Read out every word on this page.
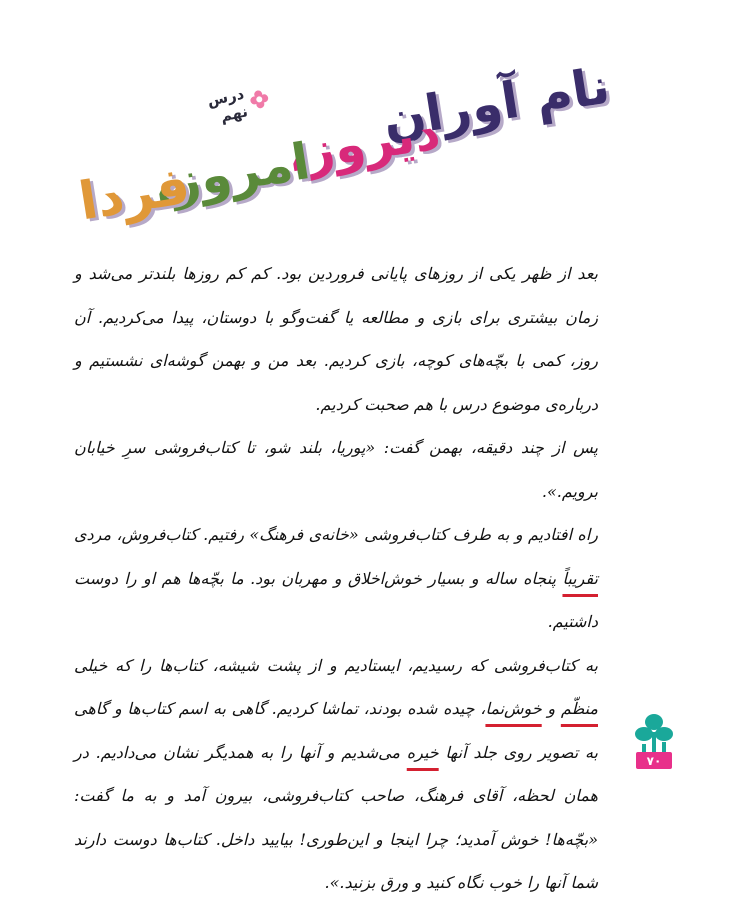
درس نهم	نام آوران
دیروز،
امروز،
فردا

بعد از ظهر یکی از روزهای پایانی فروردین بود. کم کم روزها بلندتر می‌شد و زمان بیشتری برای بازی و مطالعه یا گفت‌وگو با دوستان، پیدا می‌کردیم. آن روز، کمی با بچّه‌های کوچه، بازی کردیم. بعد من و بهمن گوشه‌ای نشستیم و درباره‌ی موضوع درس با هم صحبت کردیم.

پس از چند دقیقه، بهمن گفت: «پوریا، بلند شو، تا کتاب‌فروشی سرِ خیابان برویم.».

راه افتادیم و به طرف کتاب‌فروشی «خانه‌ی فرهنگ» رفتیم. کتاب‌فروش، مردی تقریباً پنجاه ساله و بسیار خوش‌اخلاق و مهربان بود. ما بچّه‌ها هم او را دوست داشتیم.

به کتاب‌فروشی که رسیدیم، ایستادیم و از پشت شیشه، کتاب‌ها را که خیلی منظّم و خوش‌نما، چیده شده بودند، تماشا کردیم. گاهی به اسم کتاب‌ها و گاهی به تصویر روی جلد آنها خیره می‌شدیم و آنها را به همدیگر نشان می‌دادیم. در همان لحظه، آقای فرهنگ، صاحب کتاب‌فروشی، بیرون آمد و به ما گفت: «بچّه‌ها! خوش آمدید؛ چرا اینجا و این‌طوری! بیایید داخل. کتاب‌ها دوست دارند شما آنها را خوب نگاه کنید و ورق بزنید.».

۷۰
